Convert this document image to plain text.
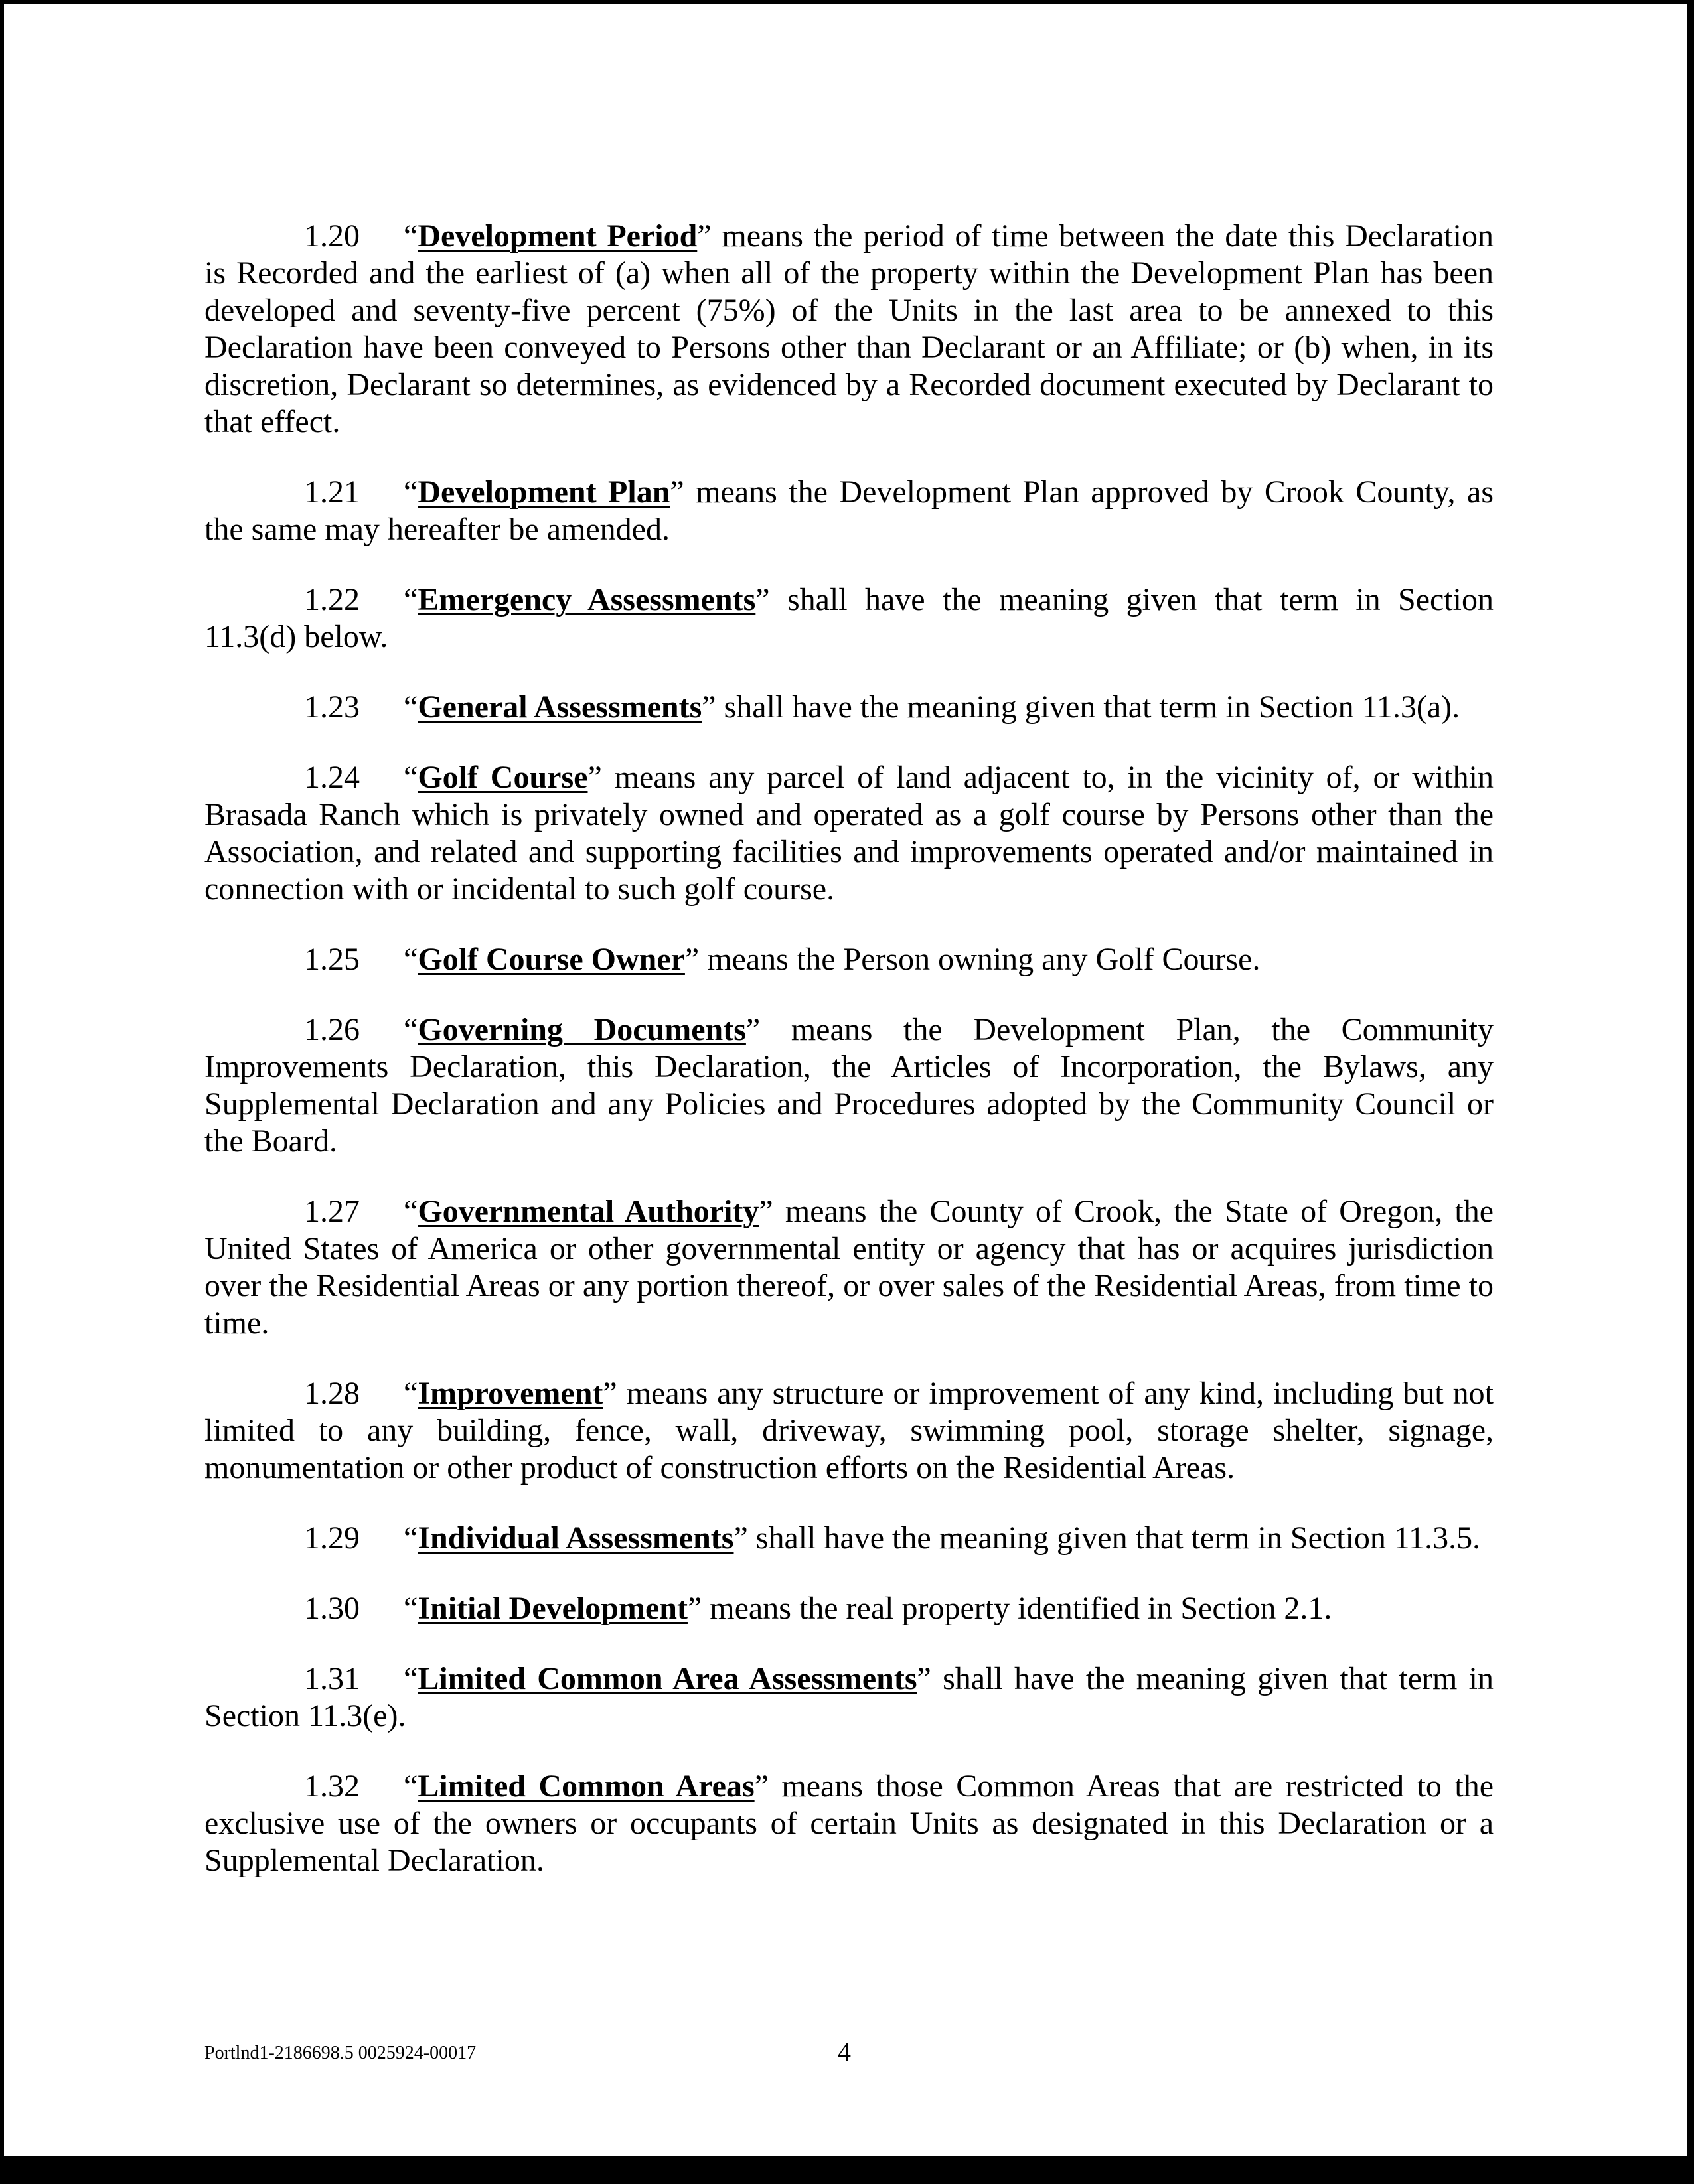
1.20 “Development Period” means the period of time between the date this Declaration is Recorded and the earliest of (a) when all of the property within the Development Plan has been developed and seventy-five percent (75%) of the Units in the last area to be annexed to this Declaration have been conveyed to Persons other than Declarant or an Affiliate; or (b) when, in its discretion, Declarant so determines, as evidenced by a Recorded document executed by Declarant to that effect.

1.21 “Development Plan” means the Development Plan approved by Crook County, as the same may hereafter be amended.

1.22 “Emergency Assessments” shall have the meaning given that term in Section 11.3(d) below.

1.23 “General Assessments” shall have the meaning given that term in Section 11.3(a).

1.24 “Golf Course” means any parcel of land adjacent to, in the vicinity of, or within Brasada Ranch which is privately owned and operated as a golf course by Persons other than the Association, and related and supporting facilities and improvements operated and/or maintained in connection with or incidental to such golf course.

1.25 “Golf Course Owner” means the Person owning any Golf Course.

1.26 “Governing Documents” means the Development Plan, the Community Improvements Declaration, this Declaration, the Articles of Incorporation, the Bylaws, any Supplemental Declaration and any Policies and Procedures adopted by the Community Council or the Board.

1.27 “Governmental Authority” means the County of Crook, the State of Oregon, the United States of America or other governmental entity or agency that has or acquires jurisdiction over the Residential Areas or any portion thereof, or over sales of the Residential Areas, from time to time.

1.28 “Improvement” means any structure or improvement of any kind, including but not limited to any building, fence, wall, driveway, swimming pool, storage shelter, signage, monumentation or other product of construction efforts on the Residential Areas.

1.29 “Individual Assessments” shall have the meaning given that term in Section 11.3.5.

1.30 “Initial Development” means the real property identified in Section 2.1.

1.31 “Limited Common Area Assessments” shall have the meaning given that term in Section 11.3(e).

1.32 “Limited Common Areas” means those Common Areas that are restricted to the exclusive use of the owners or occupants of certain Units as designated in this Declaration or a Supplemental Declaration.

Portlnd1-2186698.5 0025924-00017	4
